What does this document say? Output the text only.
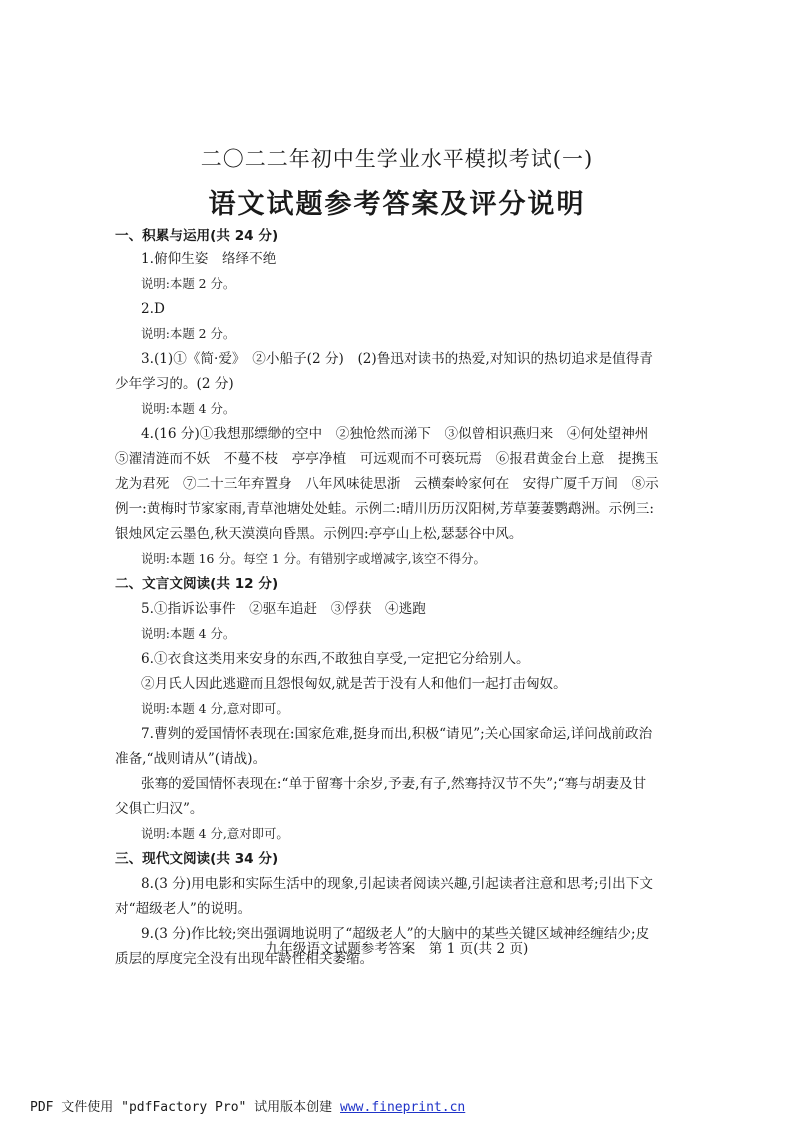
二〇二二年初中生学业水平模拟考试(一)
语文试题参考答案及评分说明
一、积累与运用(共 24 分)
1.俯仰生姿　络绎不绝
说明:本题 2 分。
2.D
说明:本题 2 分。
3.(1)①《简·爱》　②小船子(2 分)　(2)鲁迅对读书的热爱,对知识的热切追求是值得青
少年学习的。(2 分)
说明:本题 4 分。
4.(16 分)①我想那缥缈的空中　②独怆然而涕下　③似曾相识燕归来　④何处望神州
⑤濯清涟而不妖　不蔓不枝　亭亭净植　可远观而不可亵玩焉　⑥报君黄金台上意　提携玉
龙为君死　⑦二十三年弃置身　八年风味徒思浙　云横秦岭家何在　安得广厦千万间　⑧示
例一:黄梅时节家家雨,青草池塘处处蛙。示例二:晴川历历汉阳树,芳草萋萋鹦鹉洲。示例三:
银烛风定云墨色,秋天漠漠向昏黑。示例四:亭亭山上松,瑟瑟谷中风。
说明:本题 16 分。每空 1 分。有错别字或增减字,该空不得分。
二、文言文阅读(共 12 分)
5.①指诉讼事件　②驱车追赶　③俘获　④逃跑
说明:本题 4 分。
6.①衣食这类用来安身的东西,不敢独自享受,一定把它分给别人。
②月氏人因此逃避而且怨恨匈奴,就是苦于没有人和他们一起打击匈奴。
说明:本题 4 分,意对即可。
7.曹刿的爱国情怀表现在:国家危难,挺身而出,积极“请见”;关心国家命运,详问战前政治
准备,“战则请从”(请战)。
张骞的爱国情怀表现在:“单于留骞十余岁,予妻,有子,然骞持汉节不失”;“骞与胡妻及甘
父俱亡归汉”。
说明:本题 4 分,意对即可。
三、现代文阅读(共 34 分)
8.(3 分)用电影和实际生活中的现象,引起读者阅读兴趣,引起读者注意和思考;引出下文
对“超级老人”的说明。
9.(3 分)作比较;突出强调地说明了“超级老人”的大脑中的某些关键区域神经缠结少;皮
质层的厚度完全没有出现年龄性相关萎缩。
九年级语文试题参考答案　第 1 页(共 2 页)
PDF 文件使用 "pdfFactory Pro" 试用版本创建 www.fineprint.cn
